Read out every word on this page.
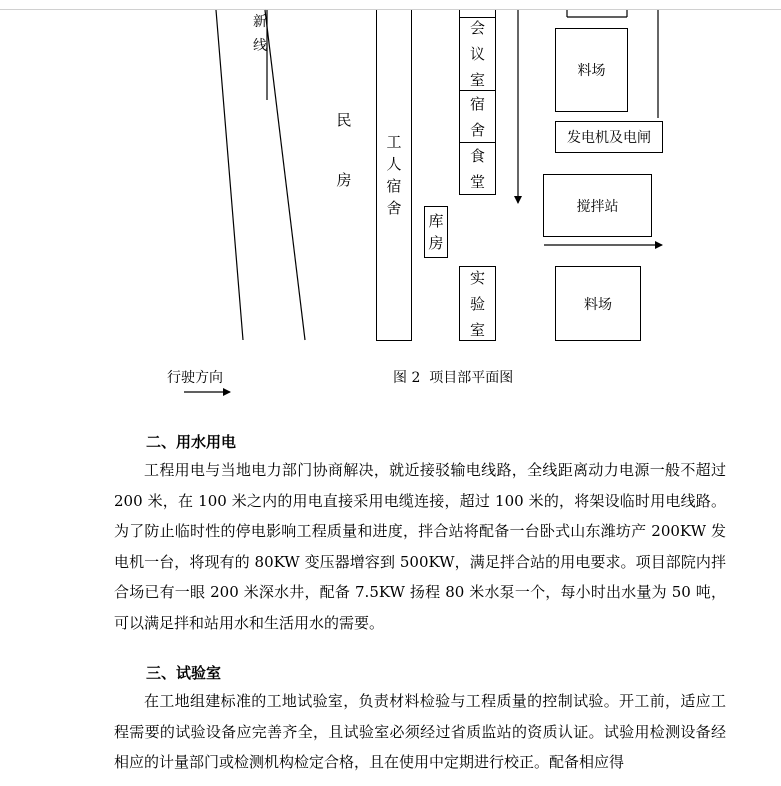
新
线
民
房
工
人
宿
舍
会
议
室
宿
舍
食
堂
库
房
实
验
室
料场
发电机及电闸
搅拌站
料场
行驶方向	图 2  项目部平面图
二、用水用电

工程用电与当地电力部门协商解决，就近接驳输电线路，全线距离动力电源一般不超过 200 米，在 100 米之内的用电直接采用电缆连接，超过 100 米的，将架设临时用电线路。为了防止临时性的停电影响工程质量和进度，拌合站将配备一台卧式山东潍坊产 200KW 发电机一台，将现有的 80KW 变压器增容到 500KW，满足拌合站的用电要求。项目部院内拌合场已有一眼 200 米深水井，配备 7.5KW 扬程 80 米水泵一个，每小时出水量为 50 吨，可以满足拌和站用水和生活用水的需要。

三、试验室

在工地组建标准的工地试验室，负责材料检验与工程质量的控制试验。开工前，适应工程需要的试验设备应完善齐全，且试验室必须经过省质监站的资质认证。试验用检测设备经相应的计量部门或检测机构检定合格，且在使用中定期进行校正。配备相应得
